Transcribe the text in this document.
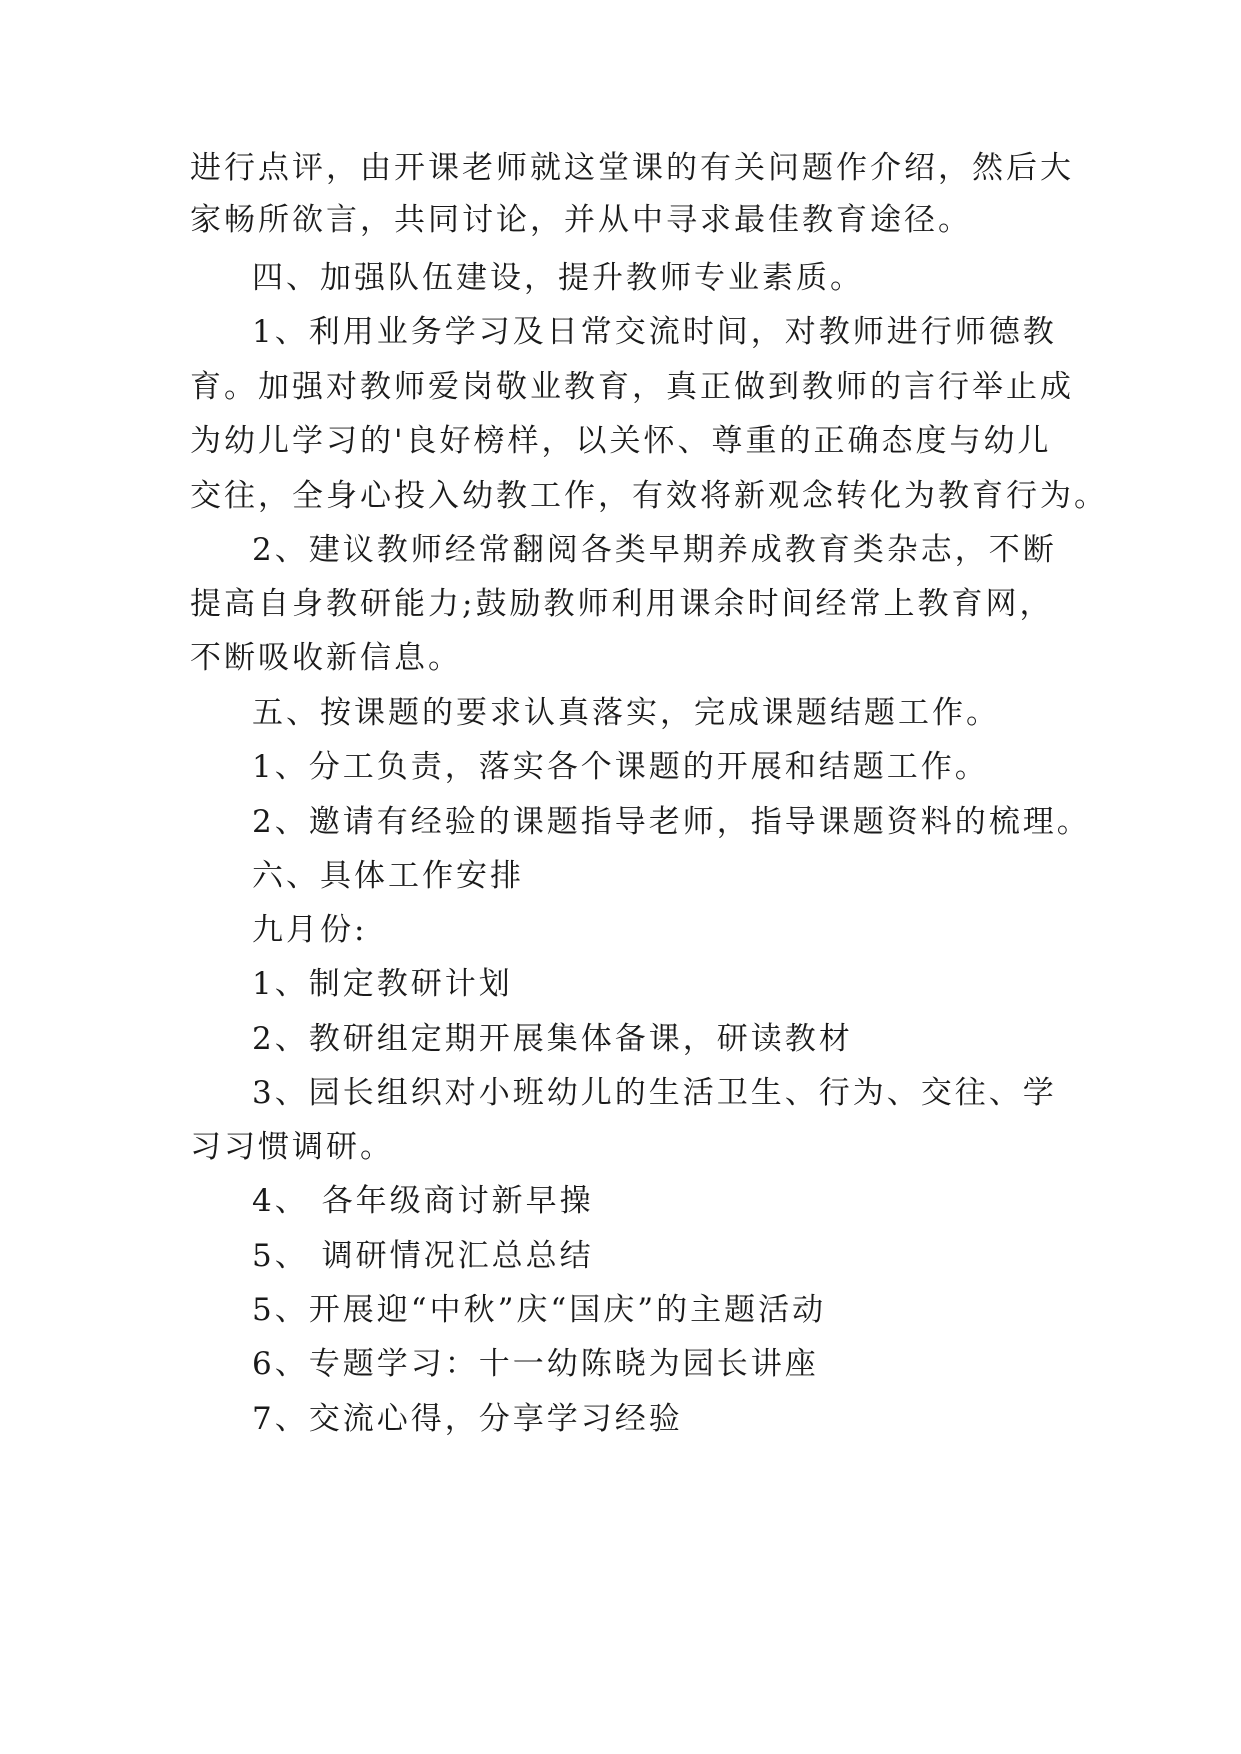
进行点评，由开课老师就这堂课的有关问题作介绍，然后大
家畅所欲言，共同讨论，并从中寻求最佳教育途径。
四、加强队伍建设，提升教师专业素质。
1、利用业务学习及日常交流时间，对教师进行师德教
育。加强对教师爱岗敬业教育，真正做到教师的言行举止成
为幼儿学习的'良好榜样，以关怀、尊重的正确态度与幼儿
交往，全身心投入幼教工作，有效将新观念转化为教育行为。
2、建议教师经常翻阅各类早期养成教育类杂志，不断
提高自身教研能力;鼓励教师利用课余时间经常上教育网，
不断吸收新信息。
五、按课题的要求认真落实，完成课题结题工作。
1、分工负责，落实各个课题的开展和结题工作。
2、邀请有经验的课题指导老师，指导课题资料的梳理。
六、具体工作安排
九月份:
1、制定教研计划
2、教研组定期开展集体备课，研读教材
3、园长组织对小班幼儿的生活卫生、行为、交往、学
习习惯调研。
4、 各年级商讨新早操
5、 调研情况汇总总结
5、开展迎“中秋”庆“国庆”的主题活动
6、专题学习：十一幼陈晓为园长讲座
7、交流心得，分享学习经验
